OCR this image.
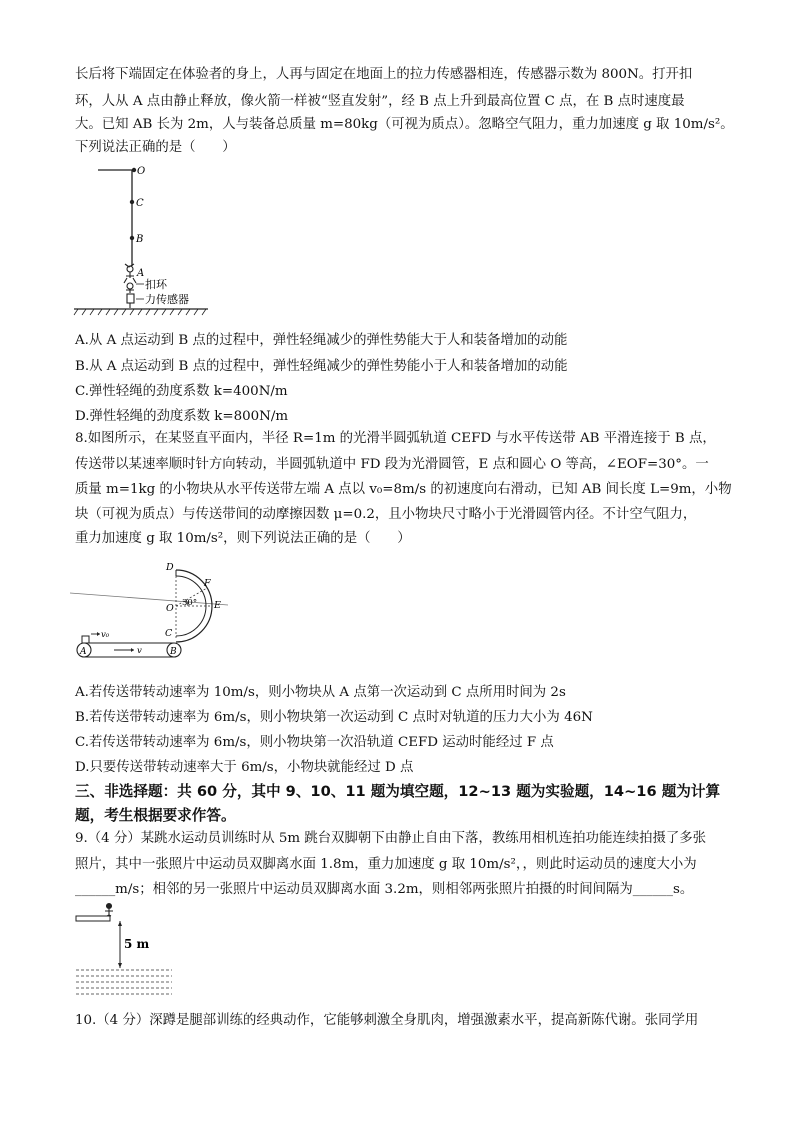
长后将下端固定在体验者的身上，人再与固定在地面上的拉力传感器相连，传感器示数为 800N。打开扣
环，人从 A 点由静止释放，像火箭一样被“竖直发射”，经 B 点上升到最高位置 C 点，在 B 点时速度最
大。已知 AB 长为 2m，人与装备总质量 m=80kg（可视为质点）。忽略空气阻力，重力加速度 g 取 10m/s²。
下列说法正确的是（　　）
O
C
B
A
扣环
力传感器
A.从 A 点运动到 B 点的过程中，弹性轻绳减少的弹性势能大于人和装备增加的动能
B.从 A 点运动到 B 点的过程中，弹性轻绳减少的弹性势能小于人和装备增加的动能
C.弹性轻绳的劲度系数 k=400N/m
D.弹性轻绳的劲度系数 k=800N/m
8.如图所示，在某竖直平面内，半径 R=1m 的光滑半圆弧轨道 CEFD 与水平传送带 AB 平滑连接于 B 点，
传送带以某速率顺时针方向转动，半圆弧轨道中 FD 段为光滑圆管，E 点和圆心 O 等高，∠EOF=30°。一
质量 m=1kg 的小物块从水平传送带左端 A 点以 v₀=8m/s 的初速度向右滑动，已知 AB 间长度 L=9m，小物
块（可视为质点）与传送带间的动摩擦因数 μ=0.2，且小物块尺寸略小于光滑圆管内径。不计空气阻力，
重力加速度 g 取 10m/s²，则下列说法正确的是（　　）
30°
D
F
O	E
C
A	B
v₀
v
A.若传送带转动速率为 10m/s，则小物块从 A 点第一次运动到 C 点所用时间为 2s
B.若传送带转动速率为 6m/s，则小物块第一次运动到 C 点时对轨道的压力大小为 46N
C.若传送带转动速率为 6m/s，则小物块第一次沿轨道 CEFD 运动时能经过 F 点
D.只要传送带转动速率大于 6m/s，小物块就能经过 D 点
三、非选择题：共 60 分，其中 9、10、11 题为填空题，12~13 题为实验题，14~16 题为计算
题，考生根据要求作答。
9.（4 分）某跳水运动员训练时从 5m 跳台双脚朝下由静止自由下落，教练用相机连拍功能连续拍摄了多张
照片，其中一张照片中运动员双脚离水面 1.8m，重力加速度 g 取 10m/s²，，则此时运动员的速度大小为
______m/s；相邻的另一张照片中运动员双脚离水面 3.2m，则相邻两张照片拍摄的时间间隔为______s。
5 m
10.（4 分）深蹲是腿部训练的经典动作，它能够刺激全身肌肉，增强激素水平，提高新陈代谢。张同学用
